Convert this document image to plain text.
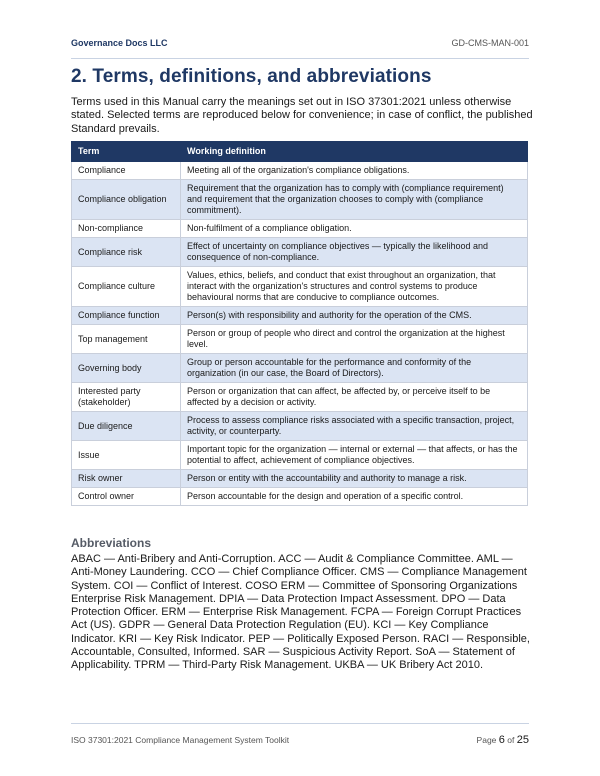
Governance Docs LLC	GD-CMS-MAN-001
2. Terms, definitions, and abbreviations

Terms used in this Manual carry the meanings set out in ISO 37301:2021 unless otherwise stated. Selected terms are reproduced below for convenience; in case of conflict, the published Standard prevails.

Term	Working definition
Compliance	Meeting all of the organization's compliance obligations.
Compliance obligation	Requirement that the organization has to comply with (compliance requirement) and requirement that the organization chooses to comply with (compliance commitment).
Non-compliance	Non-fulfilment of a compliance obligation.
Compliance risk	Effect of uncertainty on compliance objectives — typically the likelihood and consequence of non-compliance.
Compliance culture	Values, ethics, beliefs, and conduct that exist throughout an organization, that interact with the organization's structures and control systems to produce behavioural norms that are conducive to compliance outcomes.
Compliance function	Person(s) with responsibility and authority for the operation of the CMS.
Top management	Person or group of people who direct and control the organization at the highest level.
Governing body	Group or person accountable for the performance and conformity of the organization (in our case, the Board of Directors).
Interested party (stakeholder)	Person or organization that can affect, be affected by, or perceive itself to be affected by a decision or activity.
Due diligence	Process to assess compliance risks associated with a specific transaction, project, activity, or counterparty.
Issue	Important topic for the organization — internal or external — that affects, or has the potential to affect, achievement of compliance objectives.
Risk owner	Person or entity with the accountability and authority to manage a risk.
Control owner	Person accountable for the design and operation of a specific control.
Abbreviations

ABAC — Anti-Bribery and Anti-Corruption. ACC — Audit & Compliance Committee. AML — Anti-Money Laundering. CCO — Chief Compliance Officer. CMS — Compliance Management System. COI — Conflict of Interest. COSO ERM — Committee of Sponsoring Organizations Enterprise Risk Management. DPIA — Data Protection Impact Assessment. DPO — Data Protection Officer. ERM — Enterprise Risk Management. FCPA — Foreign Corrupt Practices Act (US). GDPR — General Data Protection Regulation (EU). KCI — Key Compliance Indicator. KRI — Key Risk Indicator. PEP — Politically Exposed Person. RACI — Responsible, Accountable, Consulted, Informed. SAR — Suspicious Activity Report. SoA — Statement of Applicability. TPRM — Third-Party Risk Management. UKBA — UK Bribery Act 2010.

ISO 37301:2021 Compliance Management System Toolkit	Page 6 of 25
